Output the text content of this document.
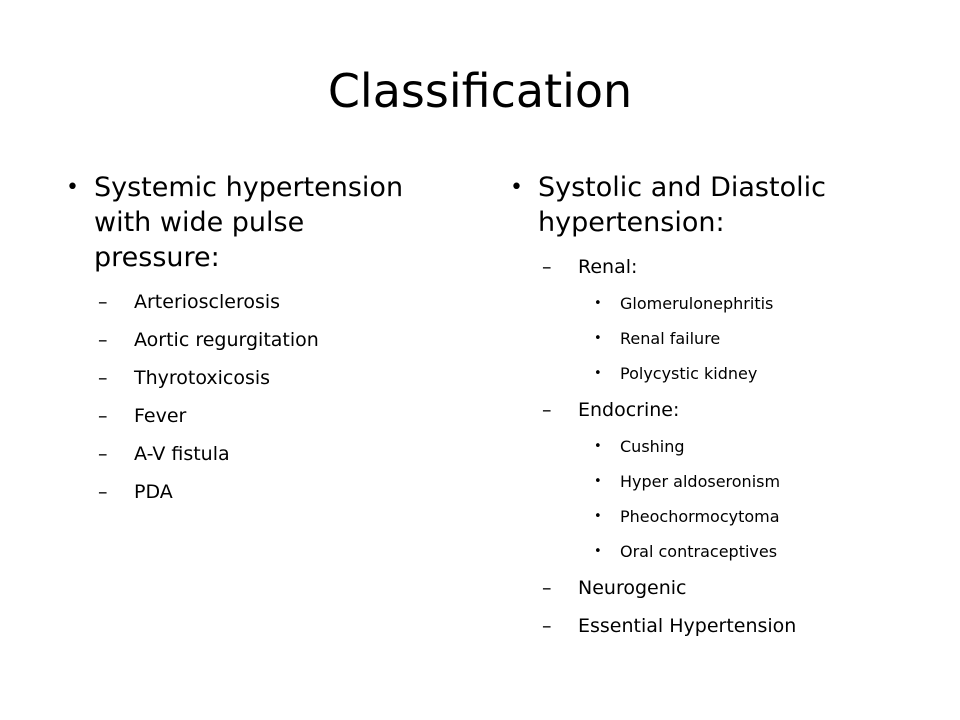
Classification
• Systemic hypertension with wide pulse pressure:
– Arteriosclerosis
– Aortic regurgitation
– Thyrotoxicosis
– Fever
– A-V fistula
– PDA
• Systolic and Diastolic hypertension:
– Renal:
• Glomerulonephritis
• Renal failure
• Polycystic kidney
– Endocrine:
• Cushing
• Hyper aldoseronism
• Pheochormocytoma
• Oral contraceptives
– Neurogenic
– Essential Hypertension
